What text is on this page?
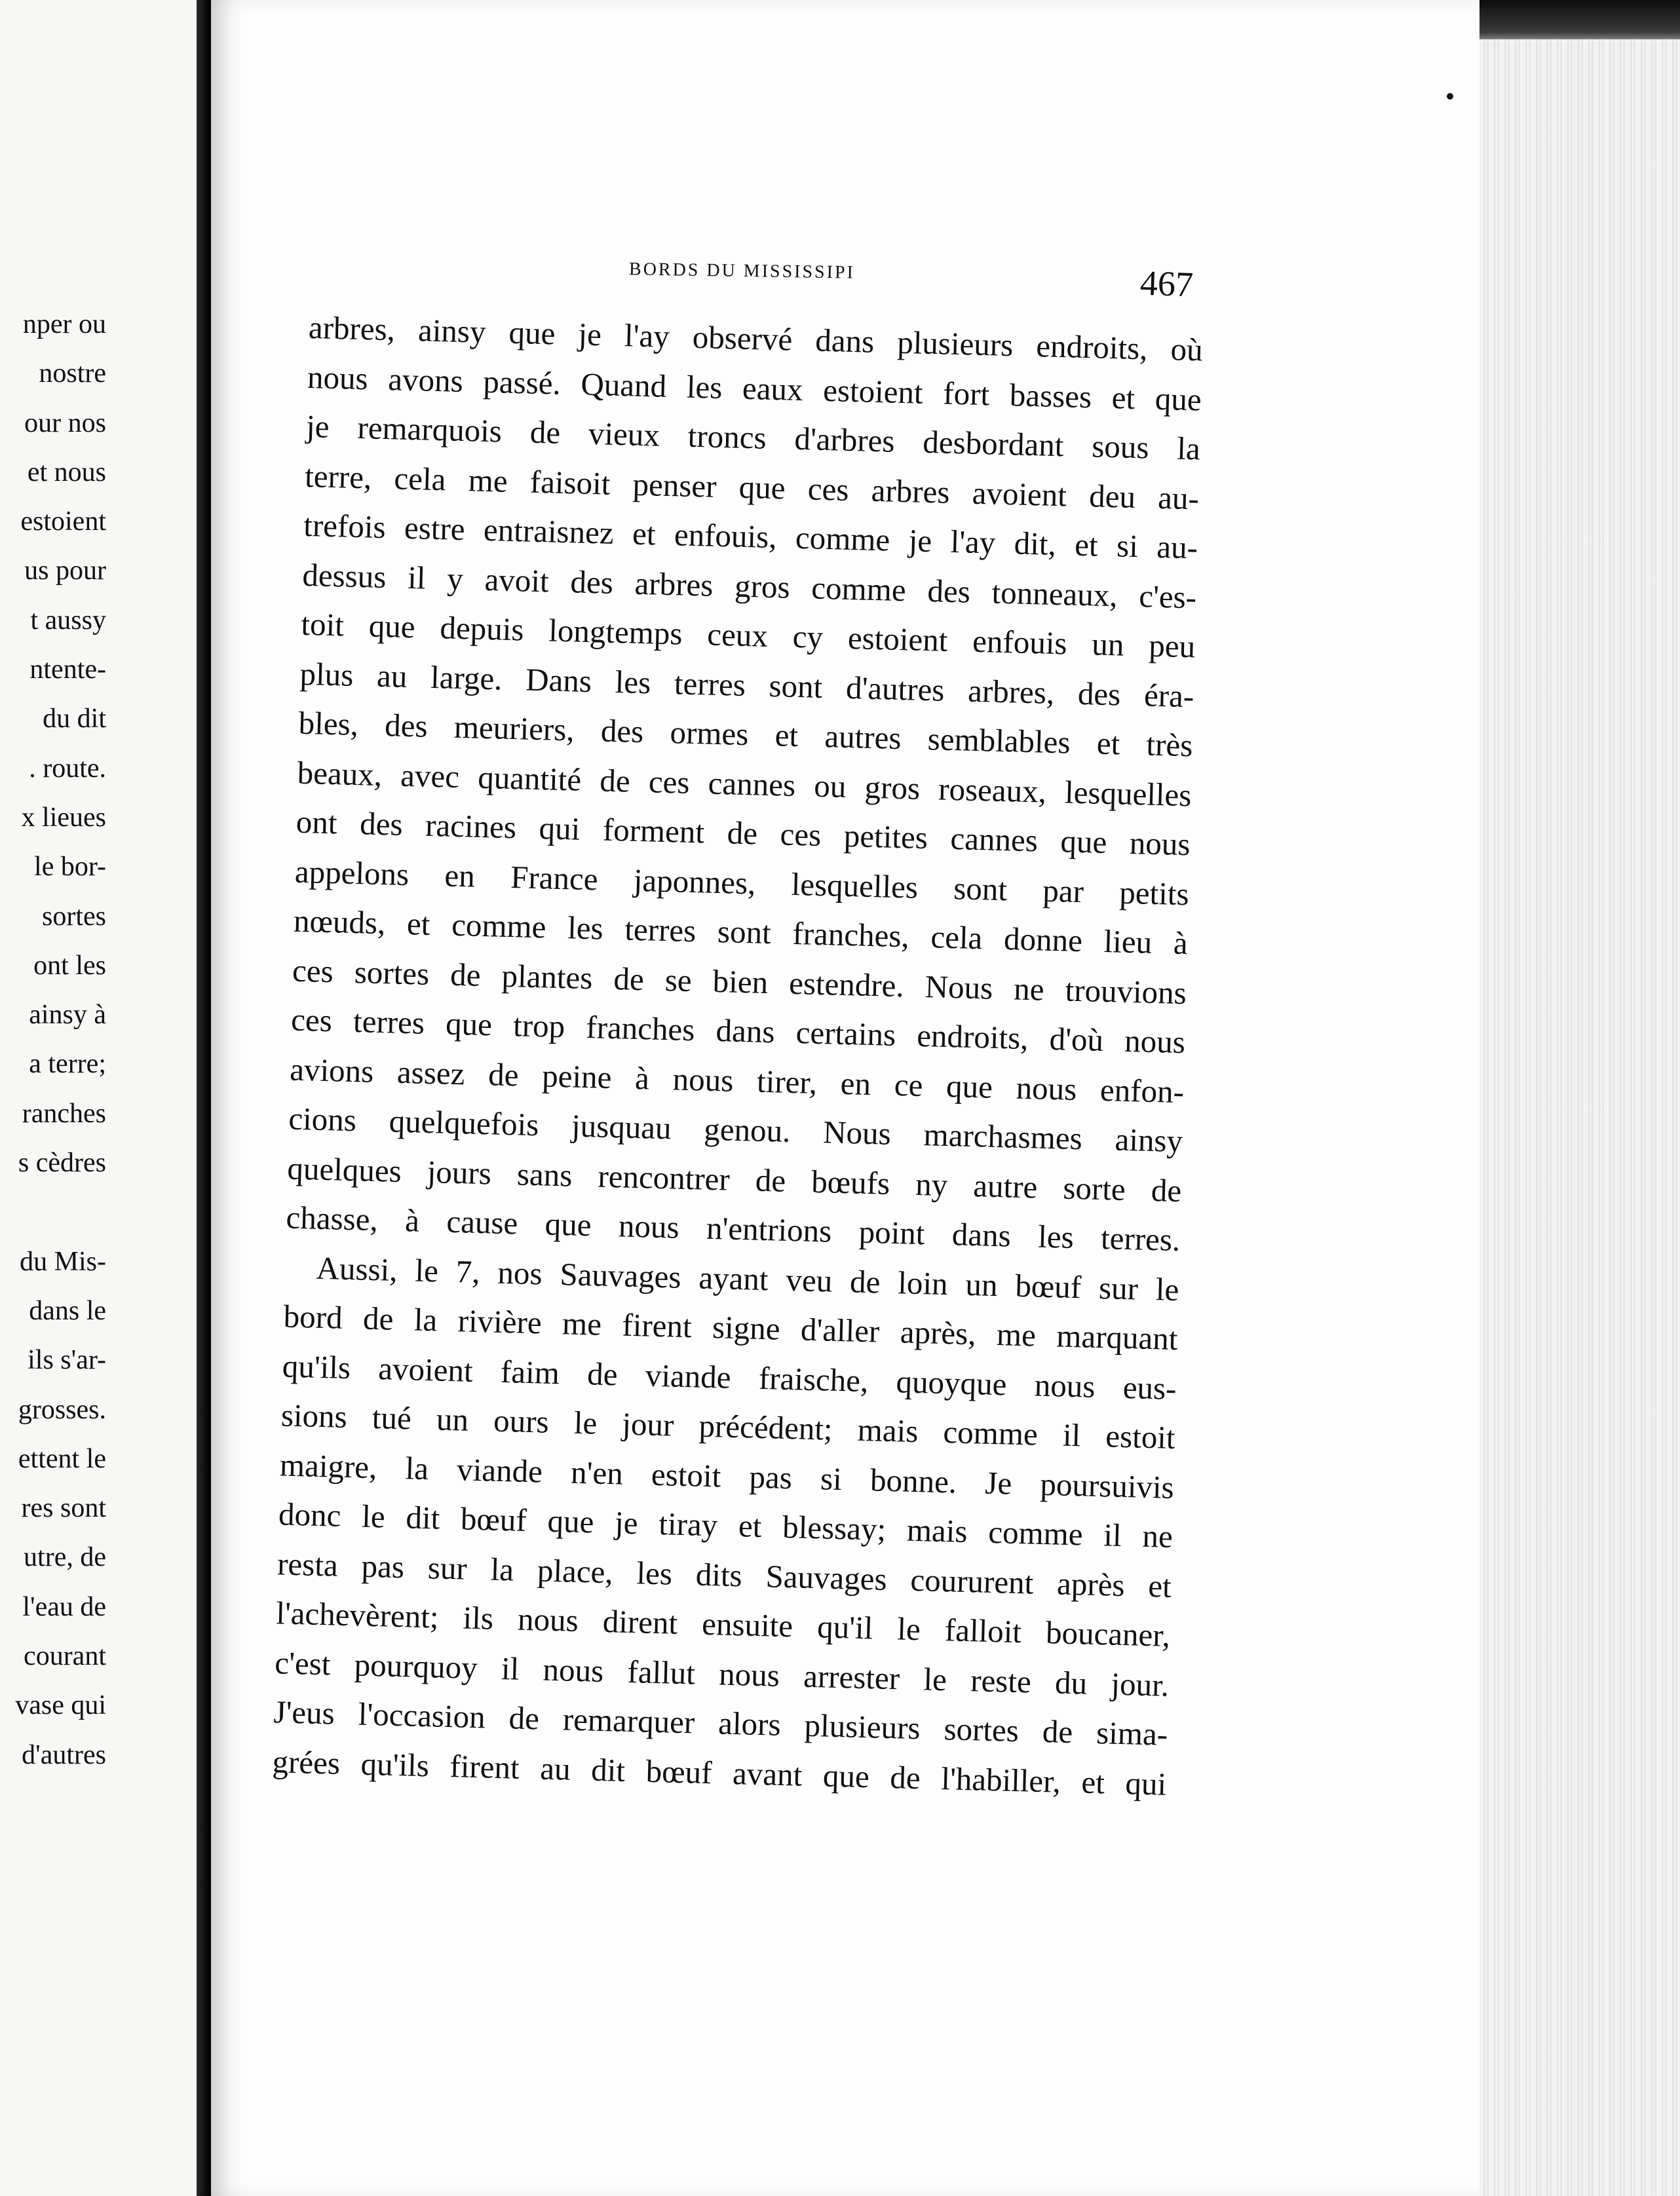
nper ou
nostre
our nos
et nous
estoient
us pour
t aussy
ntente-
du dit
. route.
x lieues
le bor-
sortes
ont les
ainsy à
a terre;
ranches
s cèdres

du Mis-
dans le
ils s'ar-
grosses.
ettent le
res sont
utre, de
l'eau de
courant
vase qui
d'autres
BORDS DU MISSISSIPI	467
arbres, ainsy que je l'ay observé dans plusieurs endroits, où
nous avons passé. Quand les eaux estoient fort basses et que
je remarquois de vieux troncs d'arbres desbordant sous la
terre, cela me faisoit penser que ces arbres avoient deu au-
trefois estre entraisnez et enfouis, comme je l'ay dit, et si au-
dessus il y avoit des arbres gros comme des tonneaux, c'es-
toit que depuis longtemps ceux cy estoient enfouis un peu
plus au large. Dans les terres sont d'autres arbres, des éra-
bles, des meuriers, des ormes et autres semblables et très
beaux, avec quantité de ces cannes ou gros roseaux, lesquelles
ont des racines qui forment de ces petites cannes que nous
appelons en France japonnes, lesquelles sont par petits
nœuds, et comme les terres sont franches, cela donne lieu à
ces sortes de plantes de se bien estendre. Nous ne trouvions
ces terres que trop franches dans certains endroits, d'où nous
avions assez de peine à nous tirer, en ce que nous enfon-
cions quelquefois jusquau genou. Nous marchasmes ainsy
quelques jours sans rencontrer de bœufs ny autre sorte de
chasse, à cause que nous n'entrions point dans les terres.
Aussi, le 7, nos Sauvages ayant veu de loin un bœuf sur le
bord de la rivière me firent signe d'aller après, me marquant
qu'ils avoient faim de viande fraische, quoyque nous eus-
sions tué un ours le jour précédent; mais comme il estoit
maigre, la viande n'en estoit pas si bonne. Je poursuivis
donc le dit bœuf que je tiray et blessay; mais comme il ne
resta pas sur la place, les dits Sauvages coururent après et
l'achevèrent; ils nous dirent ensuite qu'il le falloit boucaner,
c'est pourquoy il nous fallut nous arrester le reste du jour.
J'eus l'occasion de remarquer alors plusieurs sortes de sima-
grées qu'ils firent au dit bœuf avant que de l'habiller, et qui
